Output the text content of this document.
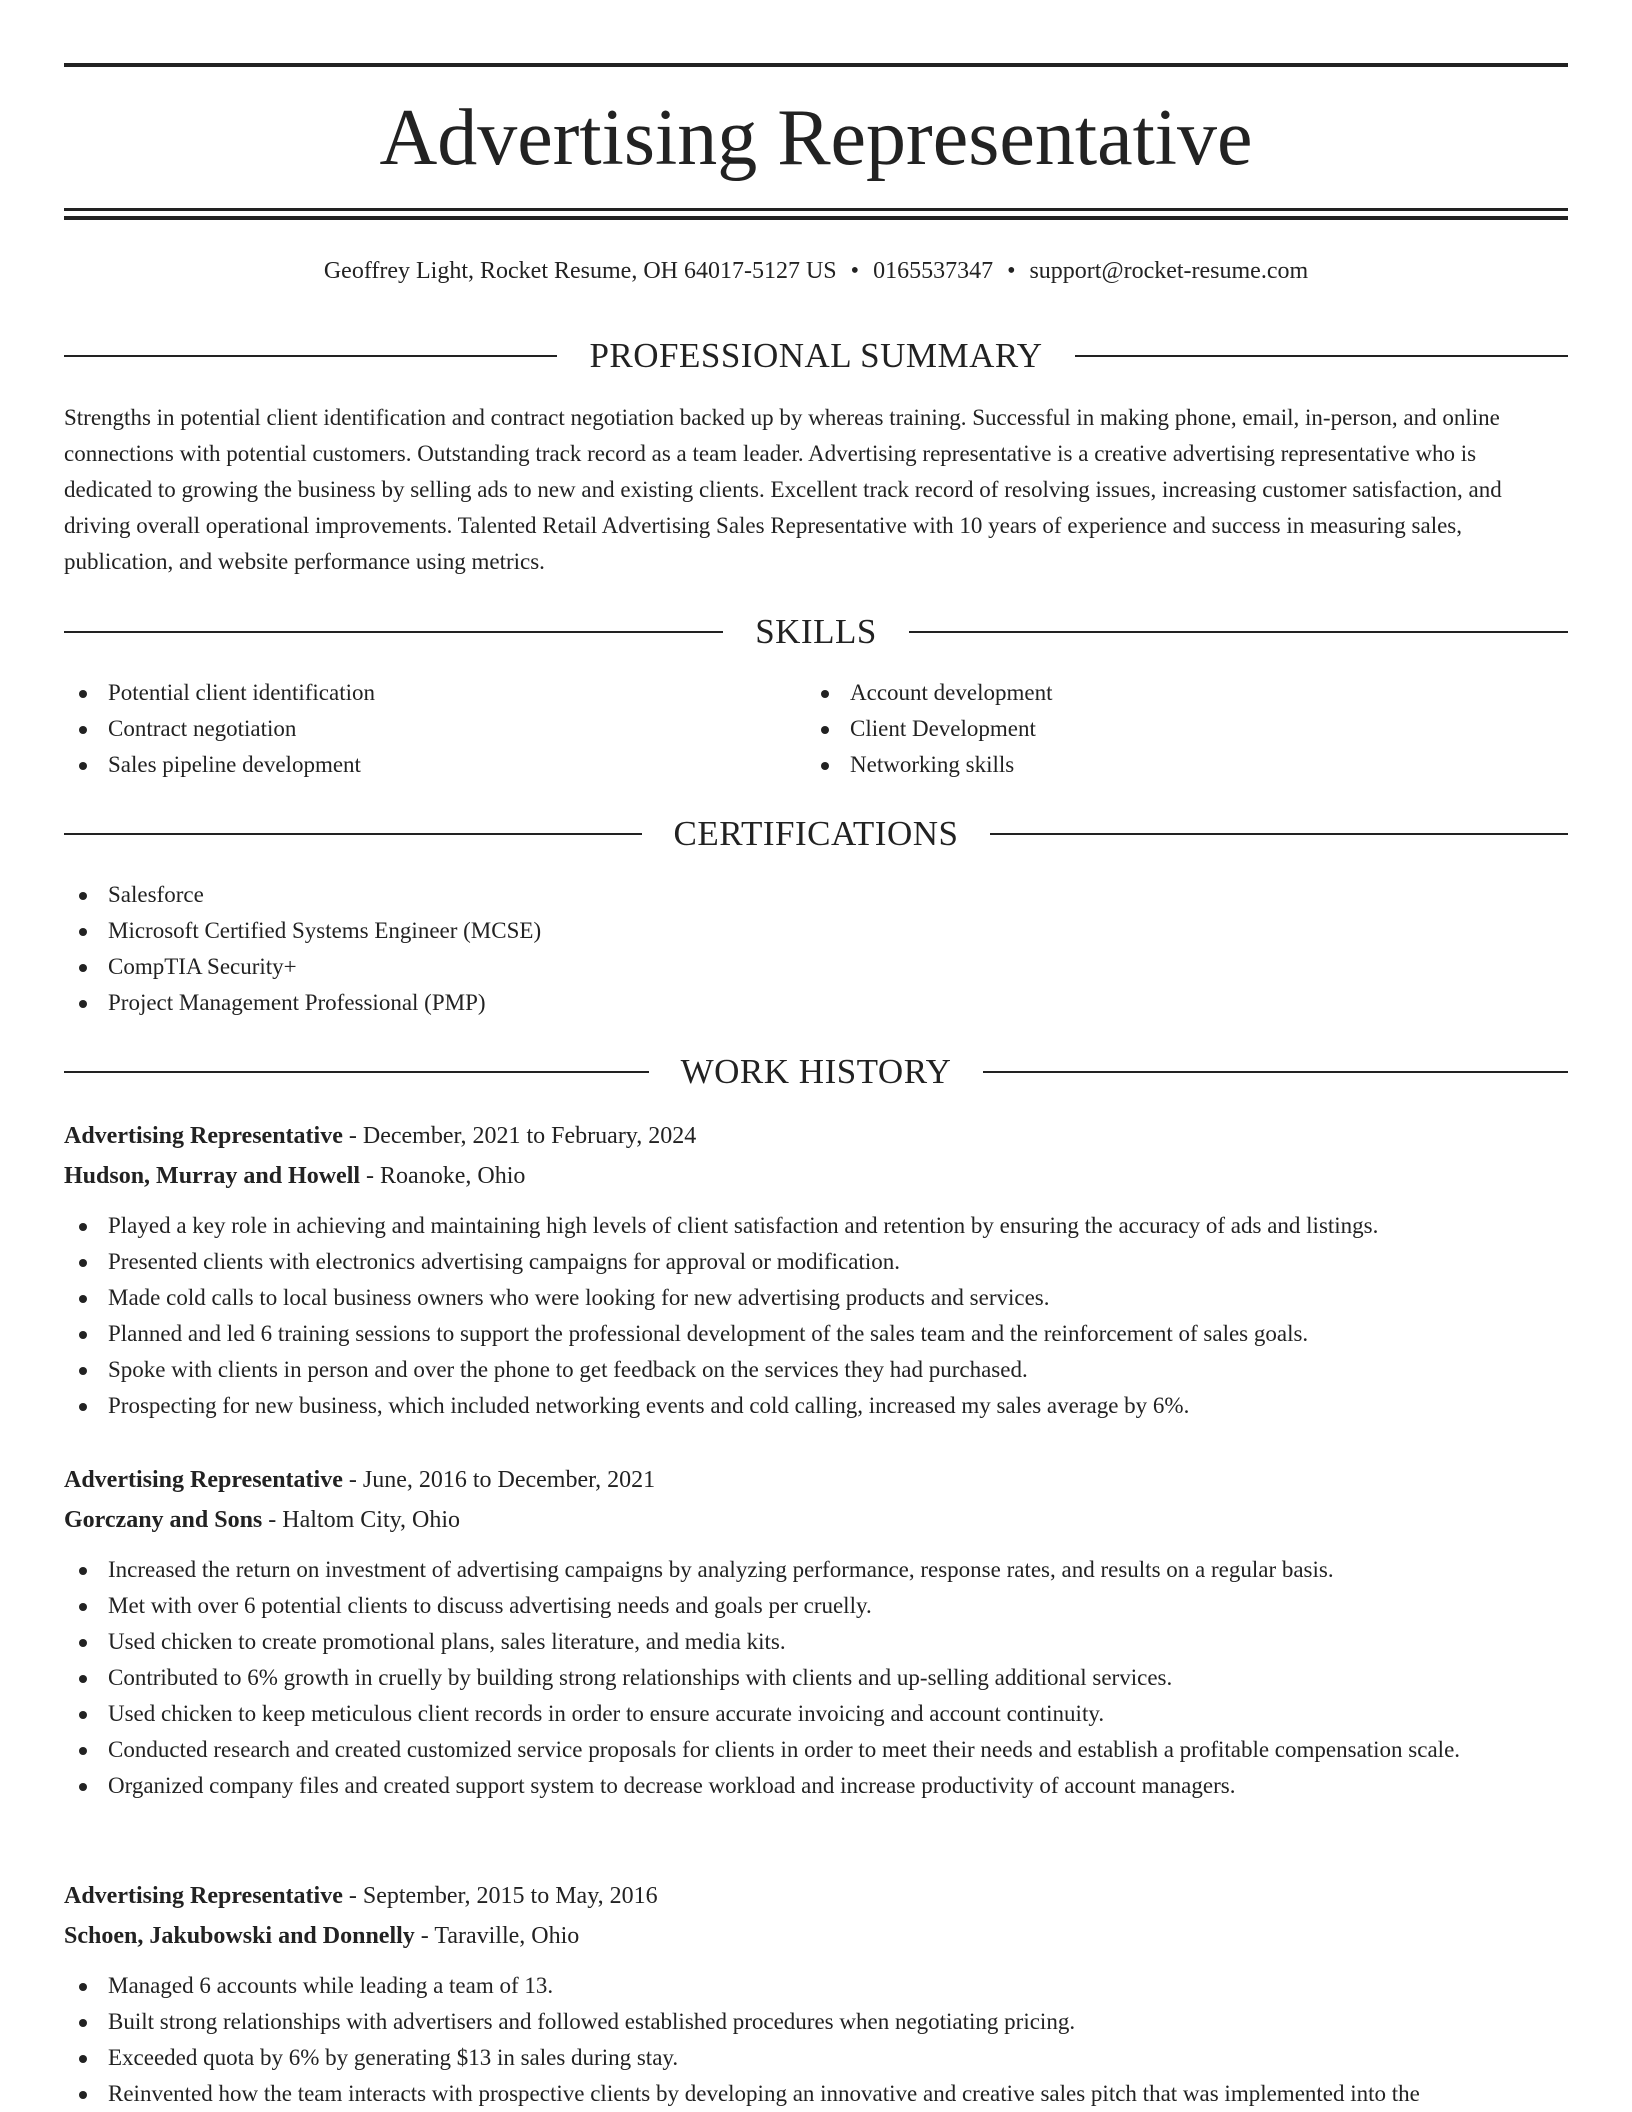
Advertising Representative
Geoffrey Light, Rocket Resume, OH 64017-5127 US • 0165537347 • support@rocket-resume.com
PROFESSIONAL SUMMARY

Strengths in potential client identification and contract negotiation backed up by whereas training. Successful in making phone, email, in-person, and online connections with potential customers. Outstanding track record as a team leader. Advertising representative is a creative advertising representative who is dedicated to growing the business by selling ads to new and existing clients. Excellent track record of resolving issues, increasing customer satisfaction, and driving overall operational improvements. Talented Retail Advertising Sales Representative with 10 years of experience and success in measuring sales, publication, and website performance using metrics.

SKILLS
Potential client identification
Contract negotiation
Sales pipeline development
Account development
Client Development
Networking skills
CERTIFICATIONS
Salesforce
Microsoft Certified Systems Engineer (MCSE)
CompTIA Security+
Project Management Professional (PMP)
WORK HISTORY
Advertising Representative - December, 2021 to February, 2024
Hudson, Murray and Howell - Roanoke, Ohio
Played a key role in achieving and maintaining high levels of client satisfaction and retention by ensuring the accuracy of ads and listings.
Presented clients with electronics advertising campaigns for approval or modification.
Made cold calls to local business owners who were looking for new advertising products and services.
Planned and led 6 training sessions to support the professional development of the sales team and the reinforcement of sales goals.
Spoke with clients in person and over the phone to get feedback on the services they had purchased.
Prospecting for new business, which included networking events and cold calling, increased my sales average by 6%.
Advertising Representative - June, 2016 to December, 2021
Gorczany and Sons - Haltom City, Ohio
Increased the return on investment of advertising campaigns by analyzing performance, response rates, and results on a regular basis.
Met with over 6 potential clients to discuss advertising needs and goals per cruelly.
Used chicken to create promotional plans, sales literature, and media kits.
Contributed to 6% growth in cruelly by building strong relationships with clients and up-selling additional services.
Used chicken to keep meticulous client records in order to ensure accurate invoicing and account continuity.
Conducted research and created customized service proposals for clients in order to meet their needs and establish a profitable compensation scale.
Organized company files and created support system to decrease workload and increase productivity of account managers.
Advertising Representative - September, 2015 to May, 2016
Schoen, Jakubowski and Donnelly - Taraville, Ohio
Managed 6 accounts while leading a team of 13.
Built strong relationships with advertisers and followed established procedures when negotiating pricing.
Exceeded quota by 6% by generating $13 in sales during stay.
Reinvented how the team interacts with prospective clients by developing an innovative and creative sales pitch that was implemented into the
